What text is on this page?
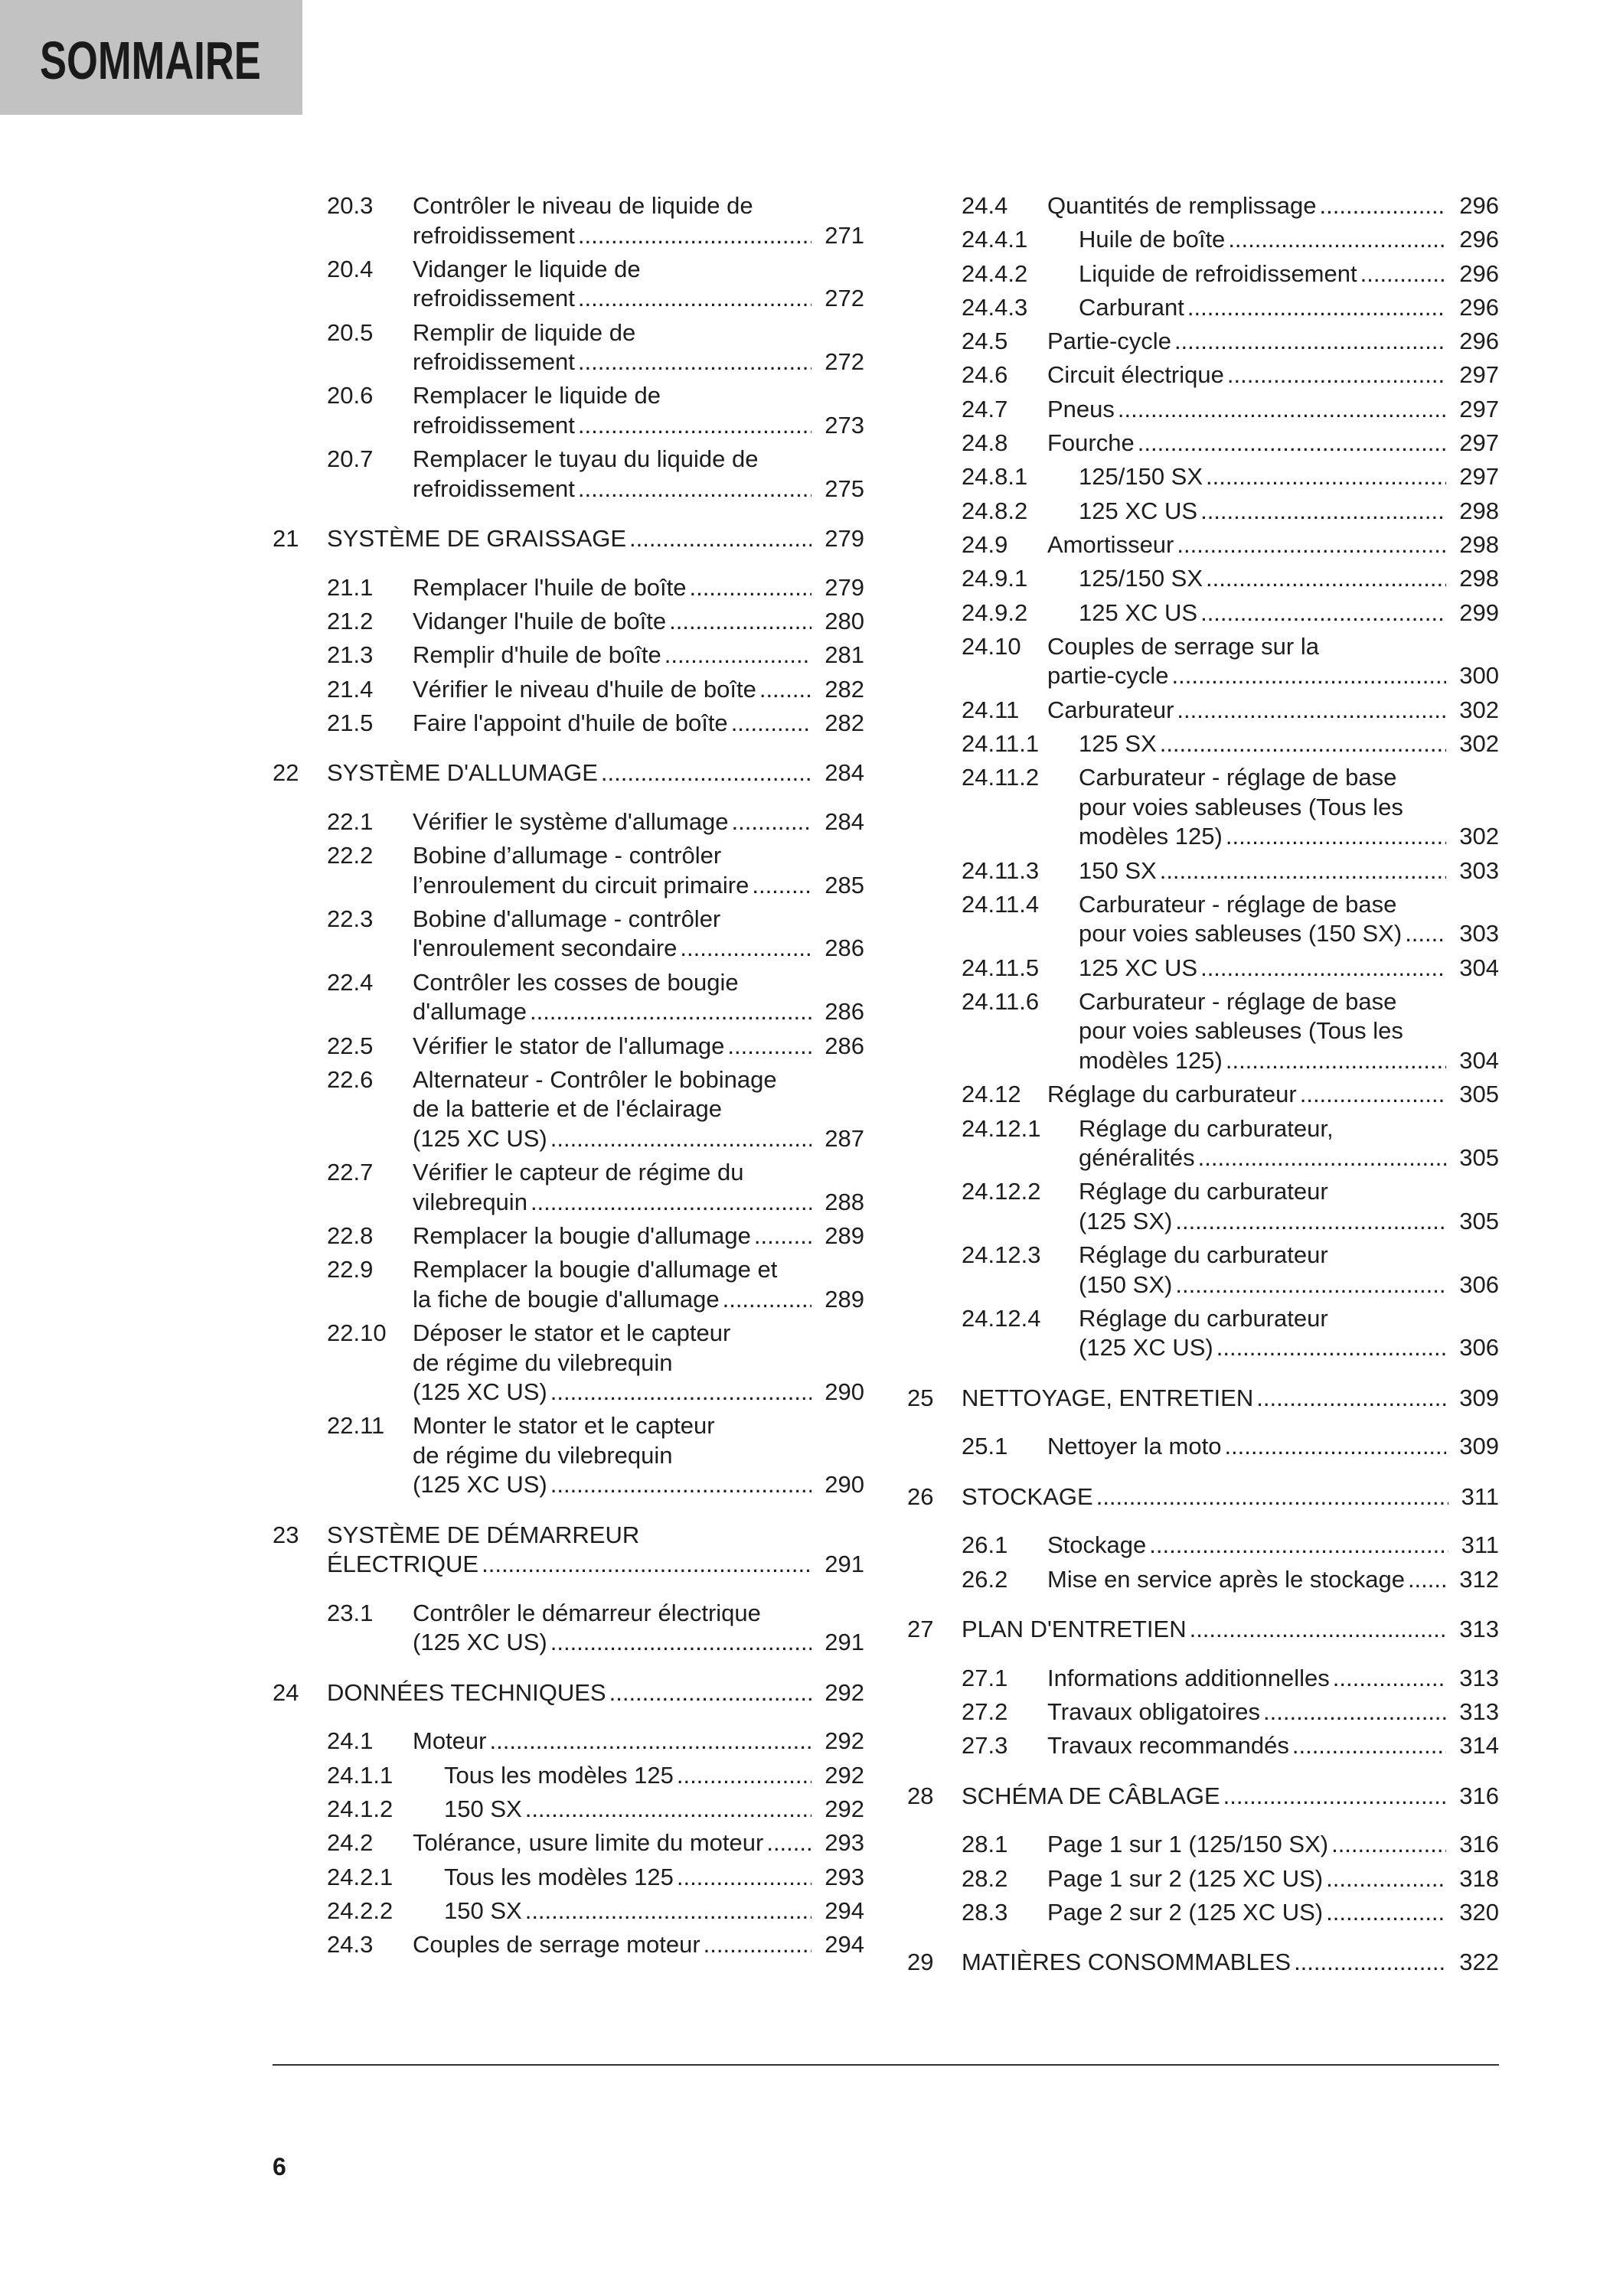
SOMMAIRE
20.3 Contrôler le niveau de liquide de
refroidissement .....	271
20.4 Vidanger le liquide de
refroidissement .....	272
20.5 Remplir de liquide de
refroidissement .....	272
20.6 Remplacer le liquide de
refroidissement .....	273
20.7 Remplacer le tuyau du liquide de
refroidissement .....	275
21 SYSTÈME DE GRAISSAGE .....	279
21.1 Remplacer l'huile de boîte .....	279
21.2 Vidanger l'huile de boîte .....	280
21.3 Remplir d'huile de boîte .....	281
21.4 Vérifier le niveau d'huile de boîte .....	282
21.5 Faire l'appoint d'huile de boîte .....	282
22 SYSTÈME D'ALLUMAGE .....	284
22.1 Vérifier le système d'allumage .....	284
22.2 Bobine d’allumage - contrôler
l’enroulement du circuit primaire .....	285
22.3 Bobine d'allumage - contrôler
l'enroulement secondaire .....	286
22.4 Contrôler les cosses de bougie
d'allumage .....	286
22.5 Vérifier le stator de l'allumage .....	286
22.6 Alternateur - Contrôler le bobinage
de la batterie et de l'éclairage
(125 XC US) .....	287
22.7 Vérifier le capteur de régime du
vilebrequin .....	288
22.8 Remplacer la bougie d'allumage .....	289
22.9 Remplacer la bougie d'allumage et
la fiche de bougie d'allumage .....	289
22.10 Déposer le stator et le capteur
de régime du vilebrequin
(125 XC US) .....	290
22.11 Monter le stator et le capteur
de régime du vilebrequin
(125 XC US) .....	290
23 SYSTÈME DE DÉMARREUR
ÉLECTRIQUE .....	291
23.1 Contrôler le démarreur électrique
(125 XC US) .....	291
24 DONNÉES TECHNIQUES .....	292
24.1 Moteur .....	292
24.1.1 Tous les modèles 125 .....	292
24.1.2 150 SX .....	292
24.2 Tolérance, usure limite du moteur .....	293
24.2.1 Tous les modèles 125 .....	293
24.2.2 150 SX .....	294
24.3 Couples de serrage moteur .....	294
24.4 Quantités de remplissage .....	296
24.4.1 Huile de boîte .....	296
24.4.2 Liquide de refroidissement .....	296
24.4.3 Carburant .....	296
24.5 Partie-cycle .....	296
24.6 Circuit électrique .....	297
24.7 Pneus .....	297
24.8 Fourche .....	297
24.8.1 125/150 SX .....	297
24.8.2 125 XC US .....	298
24.9 Amortisseur .....	298
24.9.1 125/150 SX .....	298
24.9.2 125 XC US .....	299
24.10 Couples de serrage sur la
partie-cycle .....	300
24.11 Carburateur .....	302
24.11.1 125 SX .....	302
24.11.2 Carburateur - réglage de base
pour voies sableuses (Tous les
modèles 125) .....	302
24.11.3 150 SX .....	303
24.11.4 Carburateur - réglage de base
pour voies sableuses (150 SX) ..... 303
24.11.5 125 XC US .....	304
24.11.6 Carburateur - réglage de base
pour voies sableuses (Tous les
modèles 125) .....	304
24.12 Réglage du carburateur .....	305
24.12.1 Réglage du carburateur,
généralités .....	305
24.12.2 Réglage du carburateur
(125 SX) .....	305
24.12.3 Réglage du carburateur
(150 SX) .....	306
24.12.4 Réglage du carburateur
(125 XC US) .....	306
25 NETTOYAGE, ENTRETIEN .....	309
25.1 Nettoyer la moto .....	309
26 STOCKAGE .....	311
26.1 Stockage .....	311
26.2 Mise en service après le stockage ..... 312
27 PLAN D'ENTRETIEN .....	313
27.1 Informations additionnelles .....	313
27.2 Travaux obligatoires .....	313
27.3 Travaux recommandés .....	314
28 SCHÉMA DE CÂBLAGE .....	316
28.1 Page 1 sur 1 (125/150 SX) .....	316
28.2 Page 1 sur 2 (125 XC US) .....	318
28.3 Page 2 sur 2 (125 XC US) .....	320
29 MATIÈRES CONSOMMABLES .....	322
6
